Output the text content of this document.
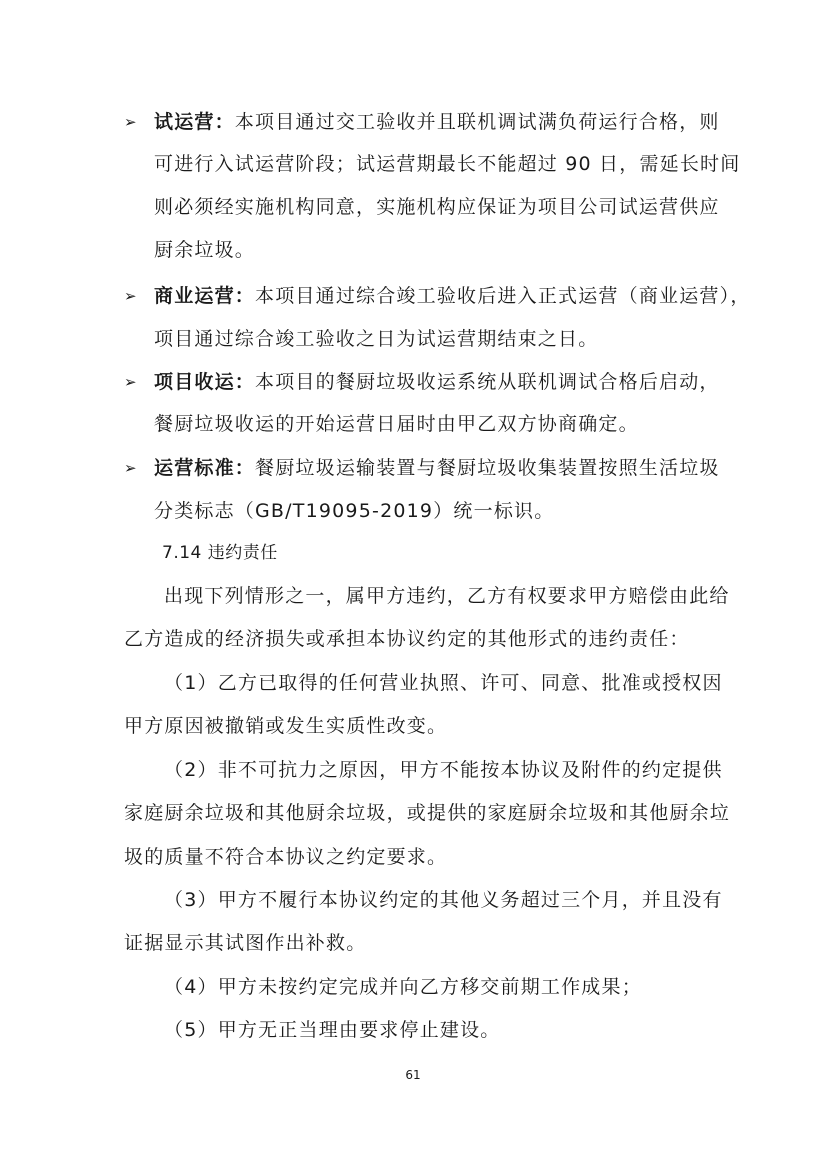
➢ 试运营：本项目通过交工验收并且联机调试满负荷运行合格，则
可进行入试运营阶段；试运营期最长不能超过 90 日，需延长时间
则必须经实施机构同意，实施机构应保证为项目公司试运营供应
厨余垃圾。
➢ 商业运营：本项目通过综合竣工验收后进入正式运营（商业运营），
项目通过综合竣工验收之日为试运营期结束之日。
➢ 项目收运：本项目的餐厨垃圾收运系统从联机调试合格后启动，
餐厨垃圾收运的开始运营日届时由甲乙双方协商确定。
➢ 运营标准：餐厨垃圾运输装置与餐厨垃圾收集装置按照生活垃圾
分类标志（GB/T19095-2019）统一标识。
7.14 违约责任
出现下列情形之一，属甲方违约，乙方有权要求甲方赔偿由此给
乙方造成的经济损失或承担本协议约定的其他形式的违约责任：
（1）乙方已取得的任何营业执照、许可、同意、批准或授权因
甲方原因被撤销或发生实质性改变。
（2）非不可抗力之原因，甲方不能按本协议及附件的约定提供
家庭厨余垃圾和其他厨余垃圾，或提供的家庭厨余垃圾和其他厨余垃
圾的质量不符合本协议之约定要求。
（3）甲方不履行本协议约定的其他义务超过三个月，并且没有
证据显示其试图作出补救。
（4）甲方未按约定完成并向乙方移交前期工作成果；
（5）甲方无正当理由要求停止建设。
61
